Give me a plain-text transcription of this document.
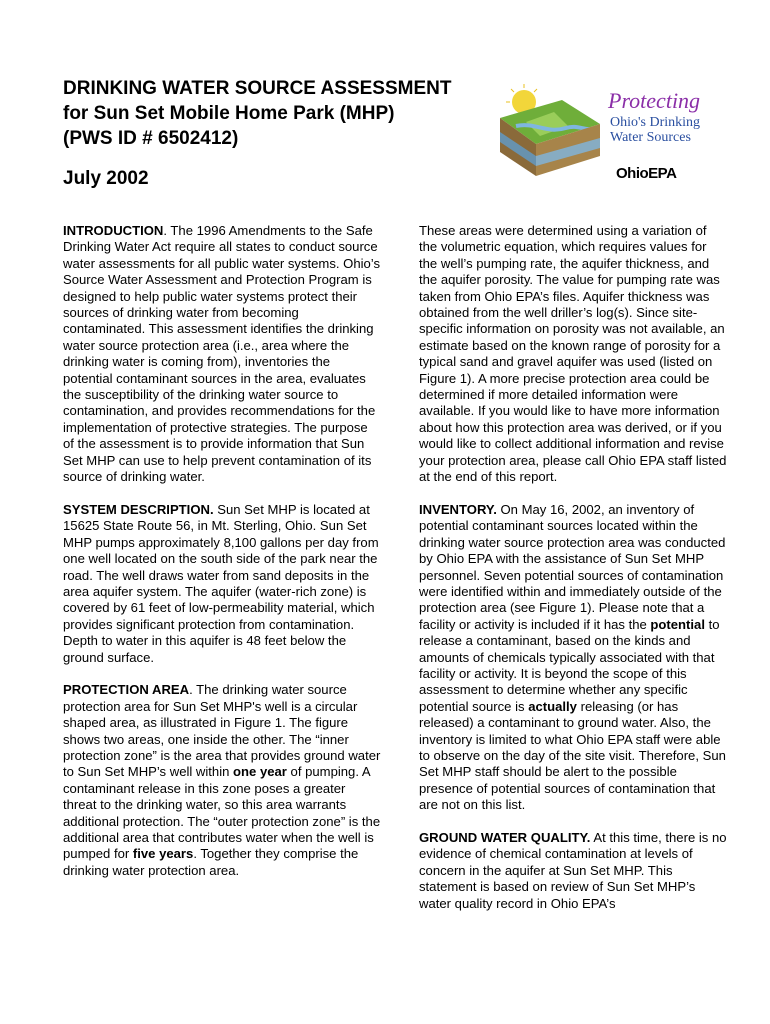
DRINKING WATER SOURCE ASSESSMENT

for Sun Set Mobile Home Park (MHP)

(PWS ID # 6502412)

July 2002

Protecting
Ohio's Drinking
Water Sources
OhioEPA

INTRODUCTION. The 1996 Amendments to the Safe Drinking Water Act require all states to conduct source water assessments for all public water systems. Ohio’s Source Water Assessment and Protection Program is designed to help public water systems protect their sources of drinking water from becoming contaminated. This assessment identifies the drinking water source protection area (i.e., area where the drinking water is coming from), inventories the potential contaminant sources in the area, evaluates the susceptibility of the drinking water source to contamination, and provides recommendations for the implementation of protective strategies. The purpose of the assessment is to provide information that Sun Set MHP can use to help prevent contamination of its source of drinking water.

SYSTEM DESCRIPTION. Sun Set MHP is located at 15625 State Route 56, in Mt. Sterling, Ohio. Sun Set MHP pumps approximately 8,100 gallons per day from one well located on the south side of the park near the road. The well draws water from sand deposits in the area aquifer system. The aquifer (water-rich zone) is covered by 61 feet of low-permeability material, which provides significant protection from contamination. Depth to water in this aquifer is 48 feet below the ground surface.

PROTECTION AREA. The drinking water source protection area for Sun Set MHP's well is a circular shaped area, as illustrated in Figure 1. The figure shows two areas, one inside the other. The “inner protection zone” is the area that provides ground water to Sun Set MHP’s well within one year of pumping. A contaminant release in this zone poses a greater threat to the drinking water, so this area warrants additional protection. The “outer protection zone” is the additional area that contributes water when the well is pumped for five years. Together they comprise the drinking water protection area.

These areas were determined using a variation of the volumetric equation, which requires values for the well’s pumping rate, the aquifer thickness, and the aquifer porosity. The value for pumping rate was taken from Ohio EPA’s files. Aquifer thickness was obtained from the well driller’s log(s). Since site-specific information on porosity was not available, an estimate based on the known range of porosity for a typical sand and gravel aquifer was used (listed on Figure 1). A more precise protection area could be determined if more detailed information were available. If you would like to have more information about how this protection area was derived, or if you would like to collect additional information and revise your protection area, please call Ohio EPA staff listed at the end of this report.

INVENTORY. On May 16, 2002, an inventory of potential contaminant sources located within the drinking water source protection area was conducted by Ohio EPA with the assistance of Sun Set MHP personnel. Seven potential sources of contamination were identified within and immediately outside of the protection area (see Figure 1). Please note that a facility or activity is included if it has the potential to release a contaminant, based on the kinds and amounts of chemicals typically associated with that facility or activity. It is beyond the scope of this assessment to determine whether any specific potential source is actually releasing (or has released) a contaminant to ground water. Also, the inventory is limited to what Ohio EPA staff were able to observe on the day of the site visit. Therefore, Sun Set MHP staff should be alert to the possible presence of potential sources of contamination that are not on this list.

GROUND WATER QUALITY. At this time, there is no evidence of chemical contamination at levels of concern in the aquifer at Sun Set MHP. This statement is based on review of Sun Set MHP’s water quality record in Ohio EPA’s
